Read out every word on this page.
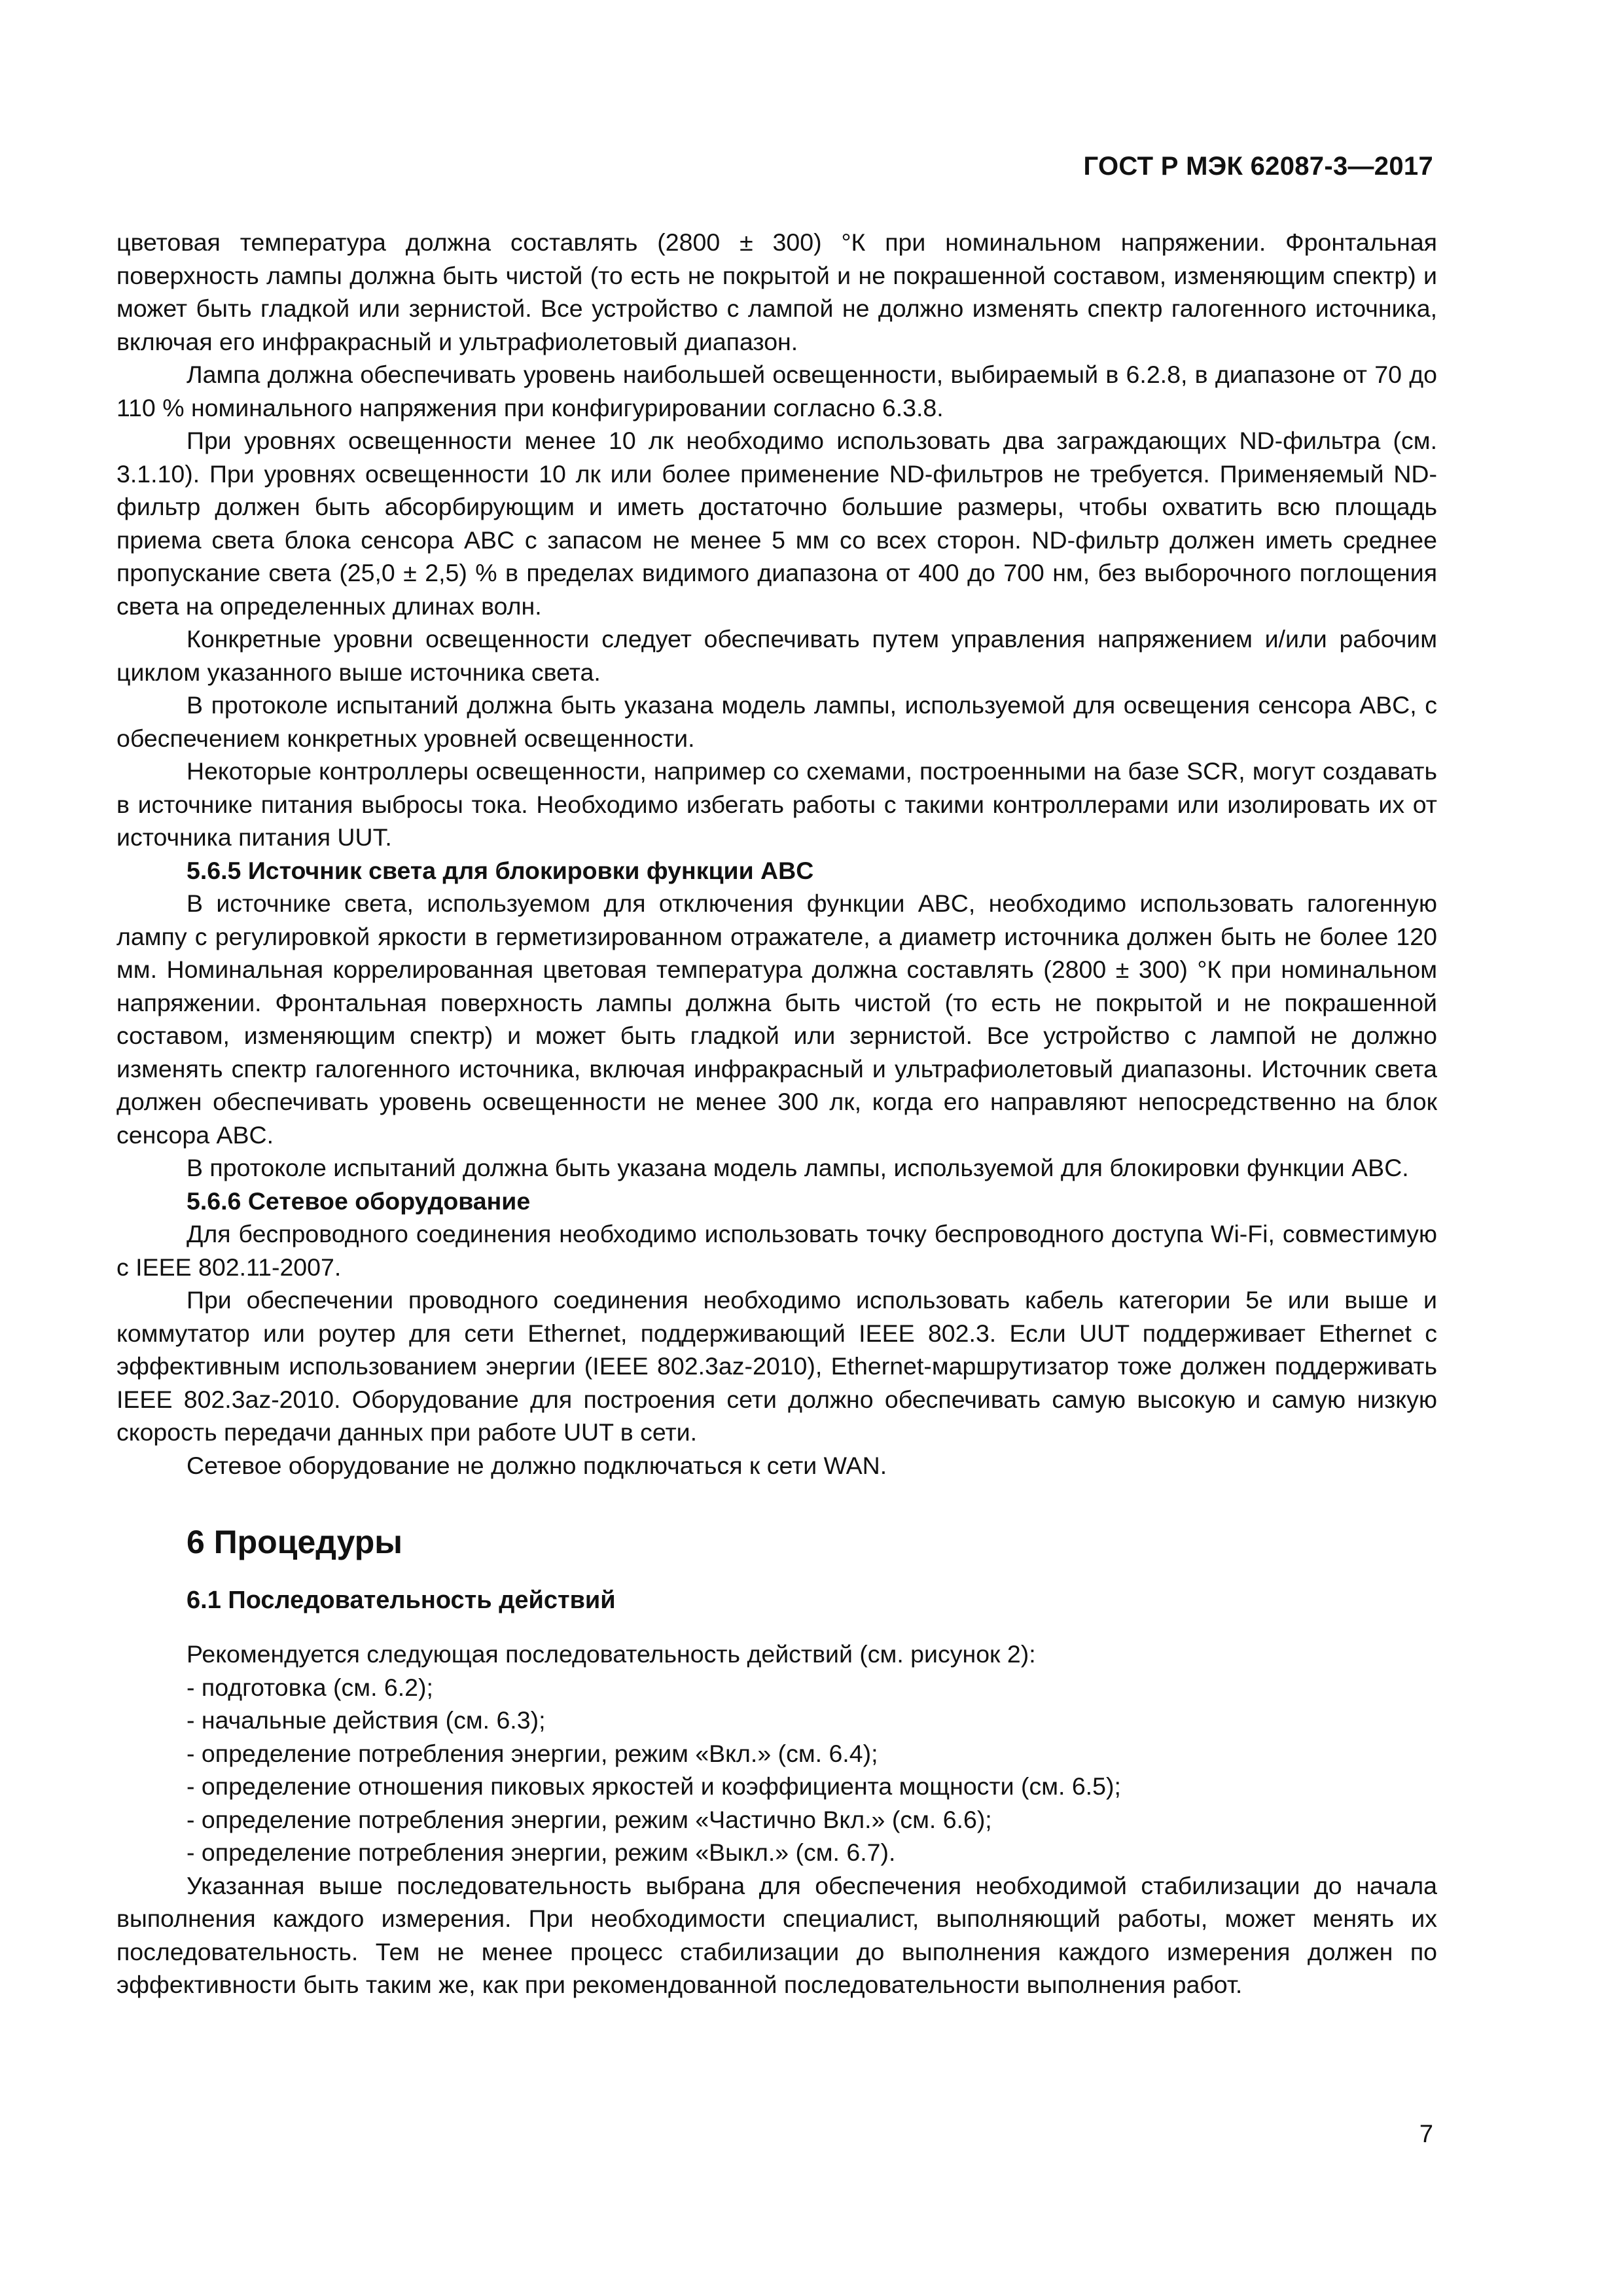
ГОСТ Р МЭК 62087-3—2017

цветовая температура должна составлять (2800 ± 300) °К при номинальном напряжении. Фронтальная поверхность лампы должна быть чистой (то есть не покрытой и не покрашенной составом, изменяющим спектр) и может быть гладкой или зернистой. Все устройство с лампой не должно изменять спектр галогенного источника, включая его инфракрасный и ультрафиолетовый диапазон.

Лампа должна обеспечивать уровень наибольшей освещенности, выбираемый в 6.2.8, в диапазоне от 70 до 110 % номинального напряжения при конфигурировании согласно 6.3.8.

При уровнях освещенности менее 10 лк необходимо использовать два заграждающих ND-фильтра (см. 3.1.10). При уровнях освещенности 10 лк или более применение ND-фильтров не требуется. Применяемый ND-фильтр должен быть абсорбирующим и иметь достаточно большие размеры, чтобы охватить всю площадь приема света блока сенсора ABC с запасом не менее 5 мм со всех сторон. ND-фильтр должен иметь среднее пропускание света (25,0 ± 2,5) % в пределах видимого диапазона от 400 до 700 нм, без выборочного поглощения света на определенных длинах волн.

Конкретные уровни освещенности следует обеспечивать путем управления напряжением и/или рабочим циклом указанного выше источника света.

В протоколе испытаний должна быть указана модель лампы, используемой для освещения сенсора ABC, с обеспечением конкретных уровней освещенности.

Некоторые контроллеры освещенности, например со схемами, построенными на базе SCR, могут создавать в источнике питания выбросы тока. Необходимо избегать работы с такими контроллерами или изолировать их от источника питания UUT.

5.6.5 Источник света для блокировки функции ABC

В источнике света, используемом для отключения функции ABC, необходимо использовать галогенную лампу с регулировкой яркости в герметизированном отражателе, а диаметр источника должен быть не более 120 мм. Номинальная коррелированная цветовая температура должна составлять (2800 ± 300) °К при номинальном напряжении. Фронтальная поверхность лампы должна быть чистой (то есть не покрытой и не покрашенной составом, изменяющим спектр) и может быть гладкой или зернистой. Все устройство с лампой не должно изменять спектр галогенного источника, включая инфракрасный и ультрафиолетовый диапазоны. Источник света должен обеспечивать уровень освещенности не менее 300 лк, когда его направляют непосредственно на блок сенсора ABC.

В протоколе испытаний должна быть указана модель лампы, используемой для блокировки функции ABC.

5.6.6 Сетевое оборудование

Для беспроводного соединения необходимо использовать точку беспроводного доступа Wi-Fi, совместимую с IEEE 802.11-2007.

При обеспечении проводного соединения необходимо использовать кабель категории 5е или выше и коммутатор или роутер для сети Ethernet, поддерживающий IEEE 802.3. Если UUT поддерживает Ethernet с эффективным использованием энергии (IEEE 802.3az-2010), Ethernet-маршрутизатор тоже должен поддерживать IEEE 802.3az-2010. Оборудование для построения сети должно обеспечивать самую высокую и самую низкую скорость передачи данных при работе UUT в сети.

Сетевое оборудование не должно подключаться к сети WAN.

6 Процедуры
6.1 Последовательность действий

Рекомендуется следующая последовательность действий (см. рисунок 2):

- подготовка (см. 6.2);
- начальные действия (см. 6.3);
- определение потребления энергии, режим «Вкл.» (см. 6.4);
- определение отношения пиковых яркостей и коэффициента мощности (см. 6.5);
- определение потребления энергии, режим «Частично Вкл.» (см. 6.6);
- определение потребления энергии, режим «Выкл.» (см. 6.7).

Указанная выше последовательность выбрана для обеспечения необходимой стабилизации до начала выполнения каждого измерения. При необходимости специалист, выполняющий работы, может менять их последовательность. Тем не менее процесс стабилизации до выполнения каждого измерения должен по эффективности быть таким же, как при рекомендованной последовательности выполнения работ.

7
